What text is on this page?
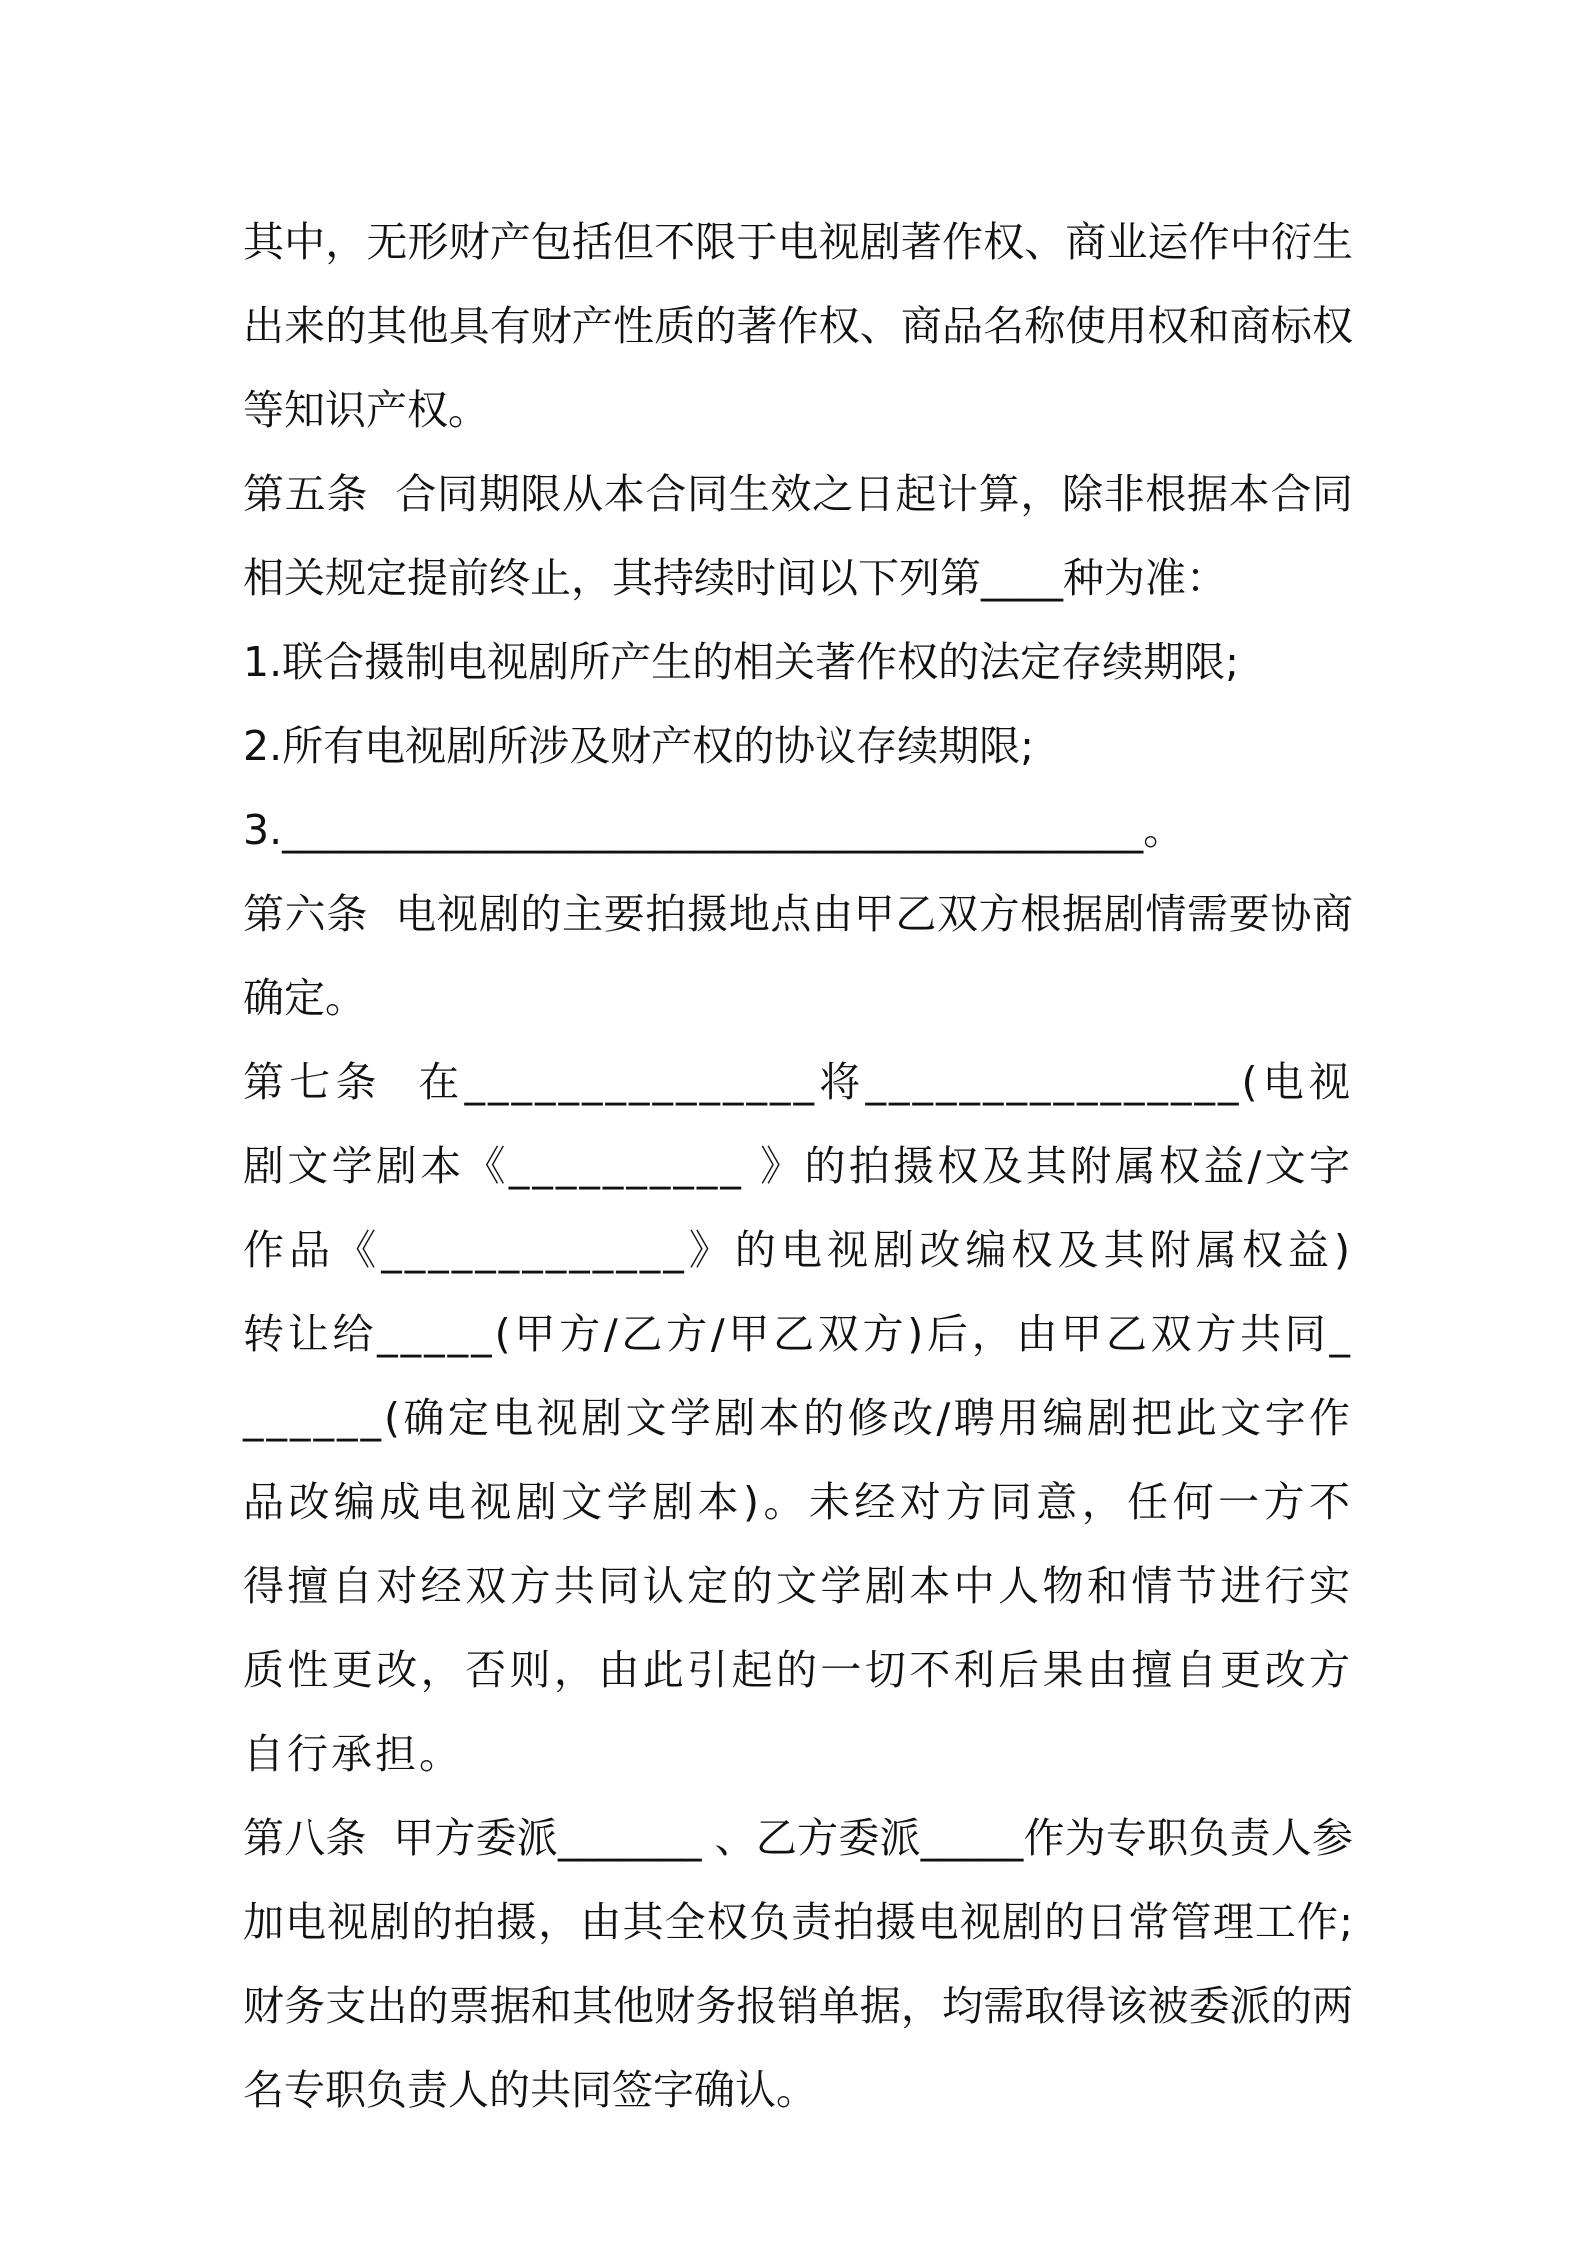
其中，无形财产包括但不限于电视剧著作权、商业运作中衍生出来的其他具有财产性质的著作权、商品名称使用权和商标权等知识产权。

第五条  合同期限从本合同生效之日起计算，除非根据本合同相关规定提前终止，其持续时间以下列第____种为准：

1.联合摄制电视剧所产生的相关著作权的法定存续期限;

2.所有电视剧所涉及财产权的协议存续期限;

3.__________________________________________。

第六条  电视剧的主要拍摄地点由甲乙双方根据剧情需要协商确定。

第七条  在_______________将________________(电视剧文学剧本《__________ 》的拍摄权及其附属权益/文字作品《_____________》的电视剧改编权及其附属权益)转让给_____(甲方/乙方/甲乙双方)后，由甲乙双方共同_______(确定电视剧文学剧本的修改/聘用编剧把此文字作品改编成电视剧文学剧本)。未经对方同意，任何一方不得擅自对经双方共同认定的文学剧本中人物和情节进行实质性更改，否则，由此引起的一切不利后果由擅自更改方自行承担。

第八条  甲方委派_______ 、乙方委派_____作为专职负责人参加电视剧的拍摄，由其全权负责拍摄电视剧的日常管理工作;财务支出的票据和其他财务报销单据，均需取得该被委派的两名专职负责人的共同签字确认。
